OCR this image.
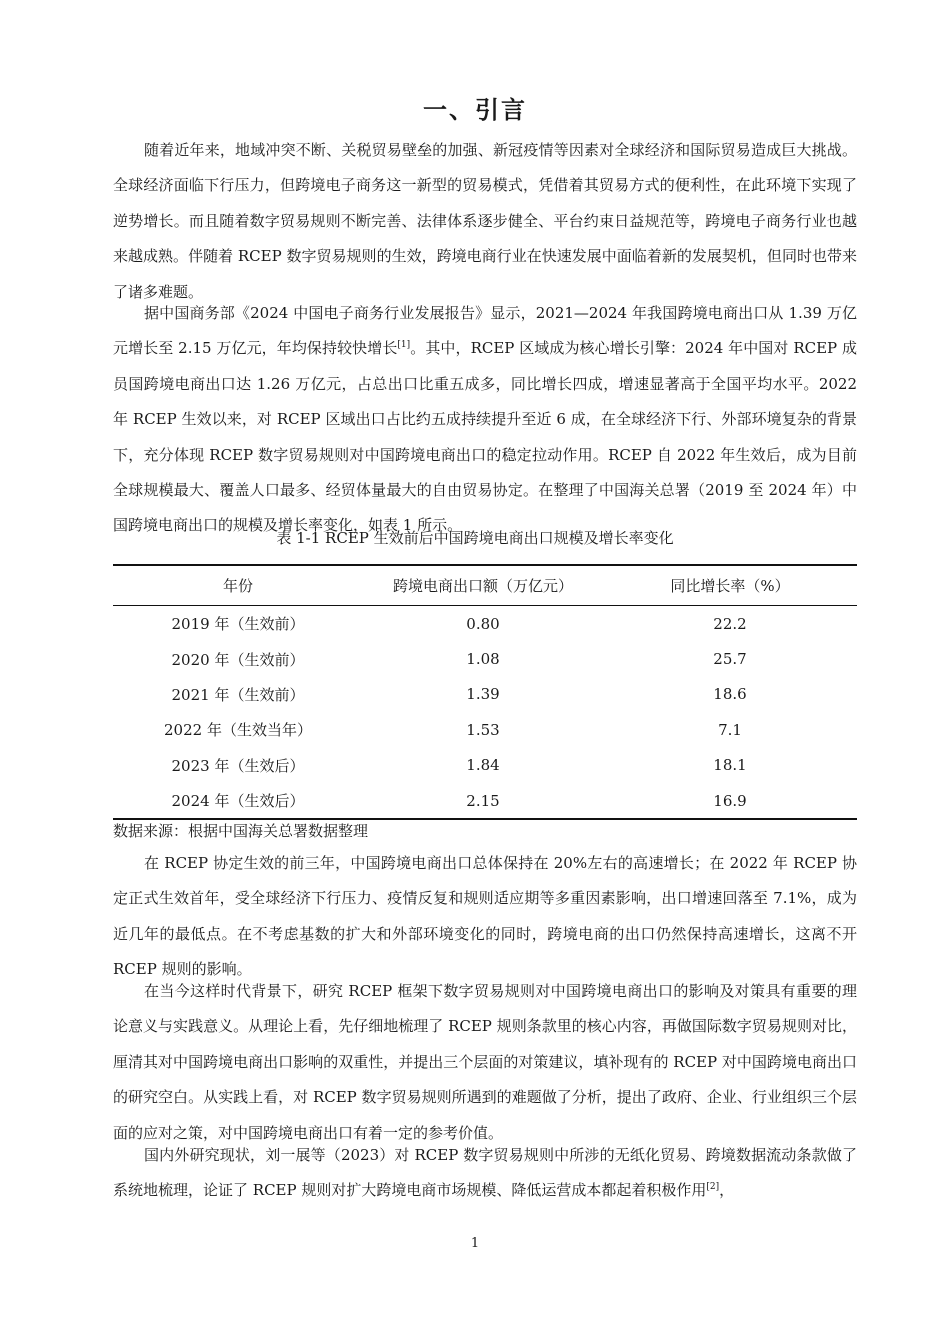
一、引言

随着近年来，地域冲突不断、关税贸易壁垒的加强、新冠疫情等因素对全球经济和国际贸易造成巨大挑战。全球经济面临下行压力，但跨境电子商务这一新型的贸易模式，凭借着其贸易方式的便利性，在此环境下实现了逆势增长。而且随着数字贸易规则不断完善、法律体系逐步健全、平台约束日益规范等，跨境电子商务行业也越来越成熟。伴随着 RCEP 数字贸易规则的生效，跨境电商行业在快速发展中面临着新的发展契机，但同时也带来了诸多难题。

据中国商务部《2024 中国电子商务行业发展报告》显示，2021—2024 年我国跨境电商出口从 1.39 万亿元增长至 2.15 万亿元，年均保持较快增长[1]。其中，RCEP 区域成为核心增长引擎：2024 年中国对 RCEP 成员国跨境电商出口达 1.26 万亿元，占总出口比重五成多，同比增长四成，增速显著高于全国平均水平。2022 年 RCEP 生效以来，对 RCEP 区域出口占比约五成持续提升至近 6 成，在全球经济下行、外部环境复杂的背景下，充分体现 RCEP 数字贸易规则对中国跨境电商出口的稳定拉动作用。RCEP 自 2022 年生效后，成为目前全球规模最大、覆盖人口最多、经贸体量最大的自由贸易协定。在整理了中国海关总署（2019 至 2024 年）中国跨境电商出口的规模及增长率变化，如表 1 所示。

表 1-1 RCEP 生效前后中国跨境电商出口规模及增长率变化
年份	跨境电商出口额（万亿元）	同比增长率（%）
2019 年（生效前）	0.80	22.2
2020 年（生效前）	1.08	25.7
2021 年（生效前）	1.39	18.6
2022 年（生效当年）	1.53	7.1
2023 年（生效后）	1.84	18.1
2024 年（生效后）	2.15	16.9
数据来源：根据中国海关总署数据整理

在 RCEP 协定生效的前三年，中国跨境电商出口总体保持在 20%左右的高速增长；在 2022 年 RCEP 协定正式生效首年，受全球经济下行压力、疫情反复和规则适应期等多重因素影响，出口增速回落至 7.1%，成为近几年的最低点。在不考虑基数的扩大和外部环境变化的同时，跨境电商的出口仍然保持高速增长，这离不开 RCEP 规则的影响。

在当今这样时代背景下，研究 RCEP 框架下数字贸易规则对中国跨境电商出口的影响及对策具有重要的理论意义与实践意义。从理论上看，先仔细地梳理了 RCEP 规则条款里的核心内容，再做国际数字贸易规则对比，厘清其对中国跨境电商出口影响的双重性，并提出三个层面的对策建议，填补现有的 RCEP 对中国跨境电商出口的研究空白。从实践上看，对 RCEP 数字贸易规则所遇到的难题做了分析，提出了政府、企业、行业组织三个层面的应对之策，对中国跨境电商出口有着一定的参考价值。

国内外研究现状，刘一展等（2023）对 RCEP 数字贸易规则中所涉的无纸化贸易、跨境数据流动条款做了系统地梳理，论证了 RCEP 规则对扩大跨境电商市场规模、降低运营成本都起着积极作用[2]，

1
